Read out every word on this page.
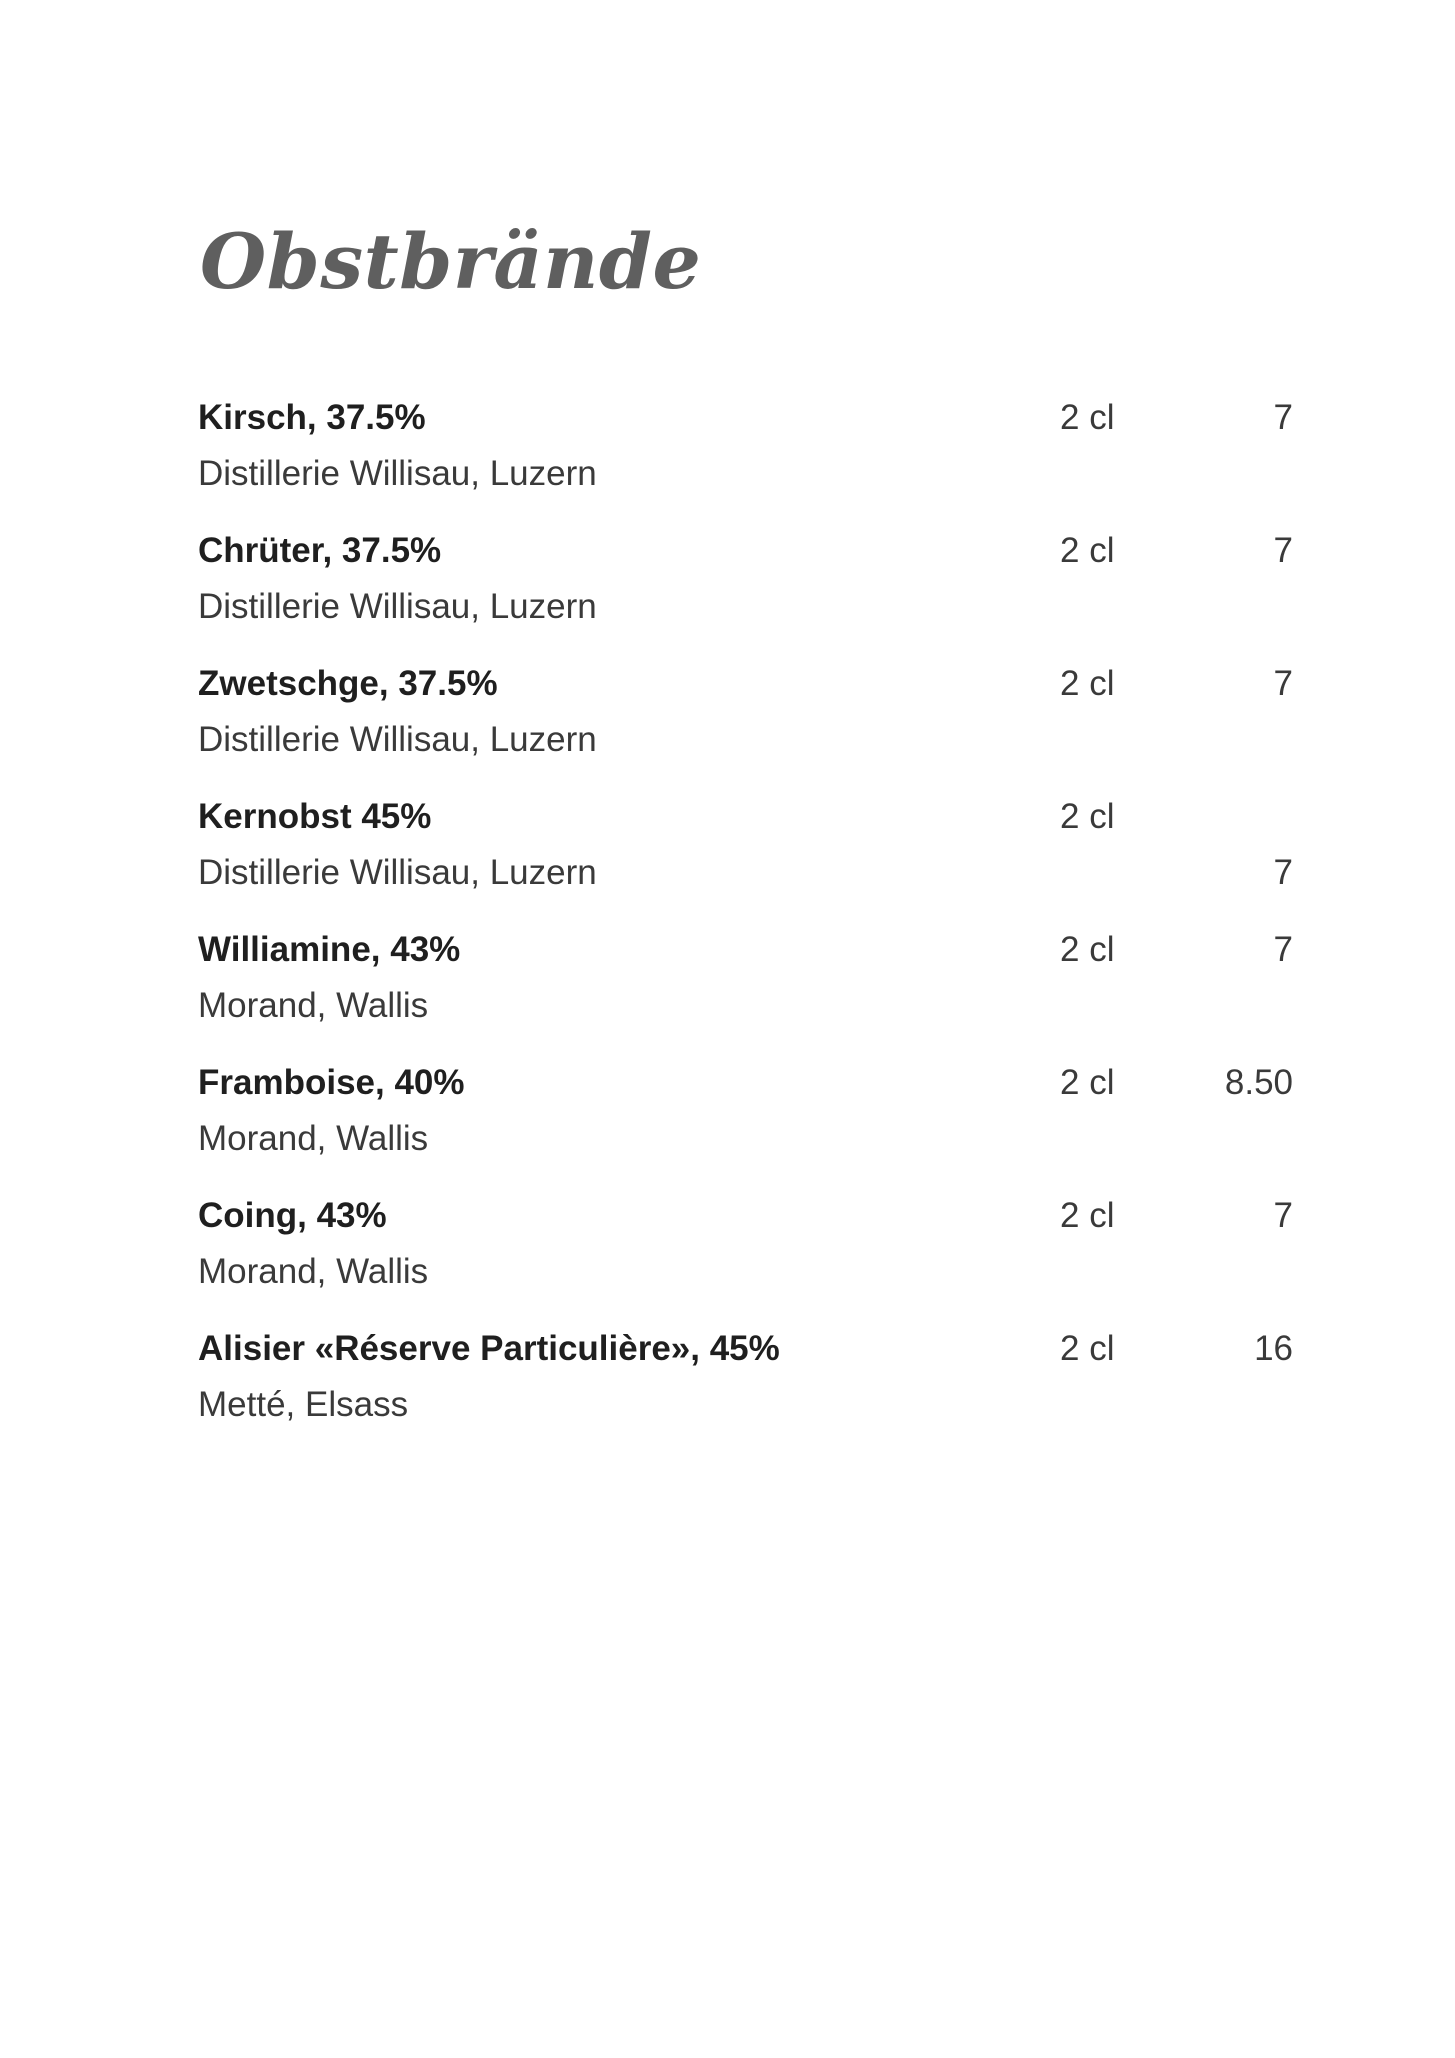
Obstbrände
Kirsch, 37.5%
Distillerie Willisau, Luzern
2 cl	7
Chrüter, 37.5%
Distillerie Willisau, Luzern
2 cl	7
Zwetschge, 37.5%
Distillerie Willisau, Luzern
2 cl	7
Kernobst 45%
Distillerie Willisau, Luzern
2 cl
7
Williamine, 43%
Morand, Wallis
2 cl	7
Framboise, 40%
Morand, Wallis
2 cl	8.50
Coing, 43%
Morand, Wallis
2 cl	7
Alisier «Réserve Particulière», 45%
Metté, Elsass
2 cl	16
